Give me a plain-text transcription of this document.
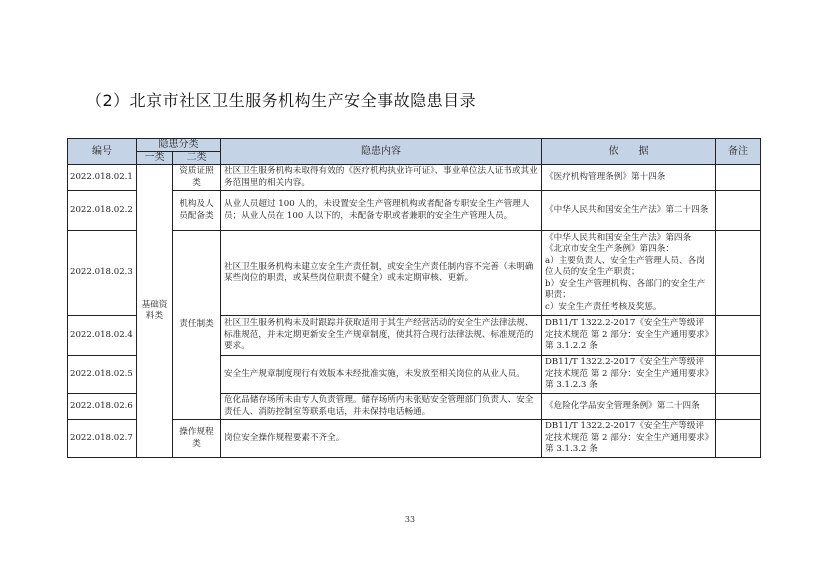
（2）北京市社区卫生服务机构生产安全事故隐患目录
编号	隐患分类		隐患内容	依　　据	备注
	一类	二类			
2022.018.02.1	基础资料类	资质证照类	社区卫生服务机构未取得有效的《医疗机构执业许可证》、事业单位法人证书或其业务范围里的相关内容。	《医疗机构管理条例》第十四条	
2022.018.02.2		机构及人员配备类	从业人员超过 100 人的，未设置安全生产管理机构或者配备专职安全生产管理人员；从业人员在 100 人以下的，未配备专职或者兼职的安全生产管理人员。	《中华人民共和国安全生产法》第二十四条	
2022.018.02.3		责任制类	社区卫生服务机构未建立安全生产责任制，或安全生产责任制内容不完善（未明确某些岗位的职责，或某些岗位职责不健全）或未定期审核、更新。	《中华人民共和国安全生产法》第四条
《北京市安全生产条例》第四条：
a）主要负责人、安全生产管理人员、各岗位人员的安全生产职责；
b）安全生产管理机构、各部门的安全生产职责；
c）安全生产责任考核及奖惩。	
2022.018.02.4			社区卫生服务机构未及时跟踪并获取适用于其生产经营活动的安全生产法律法规、标准规范，并未定期更新安全生产规章制度，使其符合现行法律法规、标准规范的要求。	DB11/T 1322.2-2017《安全生产等级评定技术规范 第 2 部分：安全生产通用要求》第 3.1.2.2 条	
2022.018.02.5			安全生产规章制度现行有效版本未经批准实施，未发放至相关岗位的从业人员。	DB11/T 1322.2-2017《安全生产等级评定技术规范 第 2 部分：安全生产通用要求》第 3.1.2.3 条	
2022.018.02.6			危化品储存场所未由专人负责管理。储存场所内未张贴安全管理部门负责人、安全责任人、消防控制室等联系电话，并未保持电话畅通。	《危险化学品安全管理条例》第二十四条	
2022.018.02.7		操作规程类	岗位安全操作规程要素不齐全。	DB11/T 1322.2-2017《安全生产等级评定技术规范 第 2 部分：安全生产通用要求》第 3.1.3.2 条	
33
